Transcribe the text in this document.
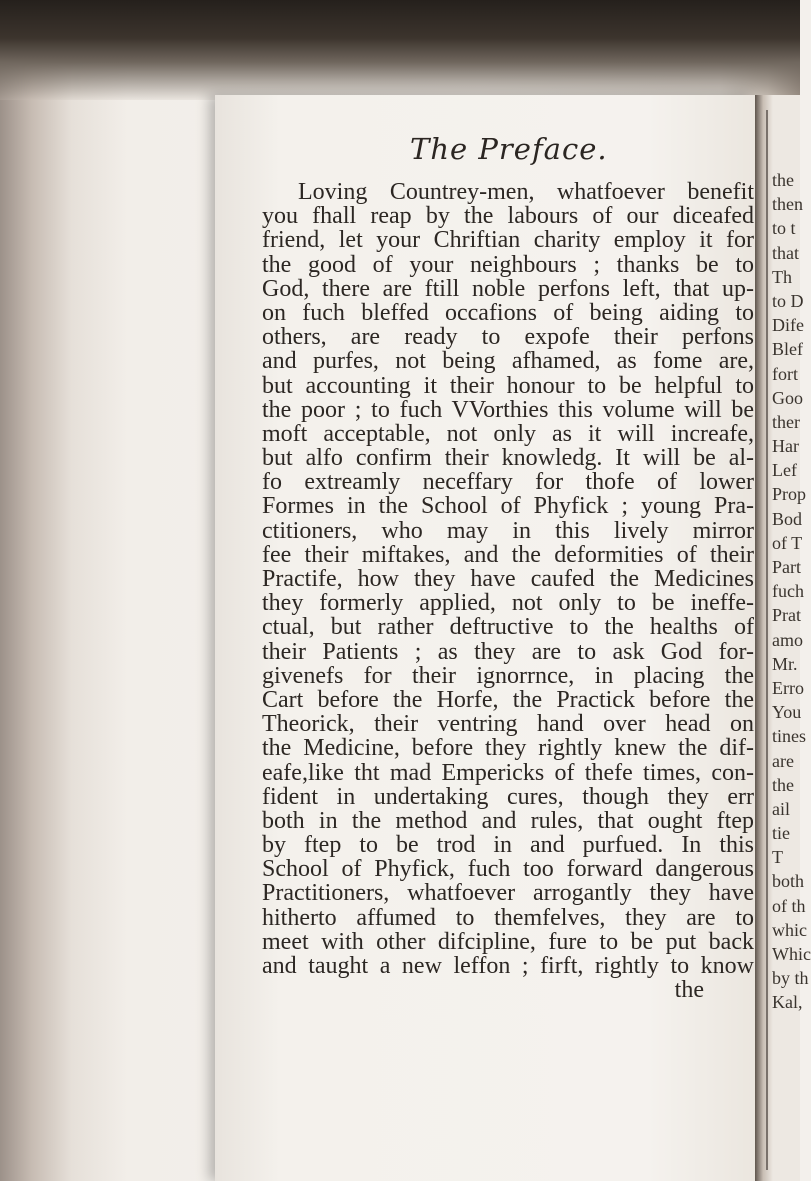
The Preface.
Loving Countrey-men, whatfoever benefit
you fhall reap by the labours of our diceafed
friend, let your Chriftian charity employ it for
the good of your neighbours ; thanks be to
God, there are ftill noble perfons left, that up-
on fuch bleffed occafions of being aiding to
others, are ready to expofe their perfons
and purfes, not being afhamed, as fome are,
but accounting it their honour to be helpful to
the poor ; to fuch VVorthies this volume will be
moft acceptable, not only as it will increafe,
but alfo confirm their knowledg. It will be al-
fo extreamly neceffary for thofe of lower
Formes in the School of Phyfick ; young Pra-
ctitioners, who may in this lively mirror
fee their miftakes, and the deformities of their
Practife, how they have caufed the Medicines
they formerly applied, not only to be ineffe-
ctual, but rather deftructive to the healths of
their Patients ; as they are to ask God for-
givenefs for their ignorrnce, in placing the
Cart before the Horfe, the Practick before the
Theorick, their ventring hand over head on
the Medicine, before they rightly knew the dif-
eafe,like tht mad Empericks of thefe times, con-
fident in undertaking cures, though they err
both in the method and rules, that ought ftep
by ftep to be trod in and purfued. In this
School of Phyfick, fuch too forward dangerous
Practitioners, whatfoever arrogantly they have
hitherto affumed to themfelves, they are to
meet with other difcipline, fure to be put back
and taught a new leffon ; firft, rightly to know
the
the
then
to t
that
Th
to D
Dife
Blef
fort
Goo
ther
Har
Lef
Prop
Bod
of T
Part
fuch
Prat
amo
Mr.
Erro
You
tines
are
the
ail
tie
T
both
of th
whic
Whic
by th
Kal,
